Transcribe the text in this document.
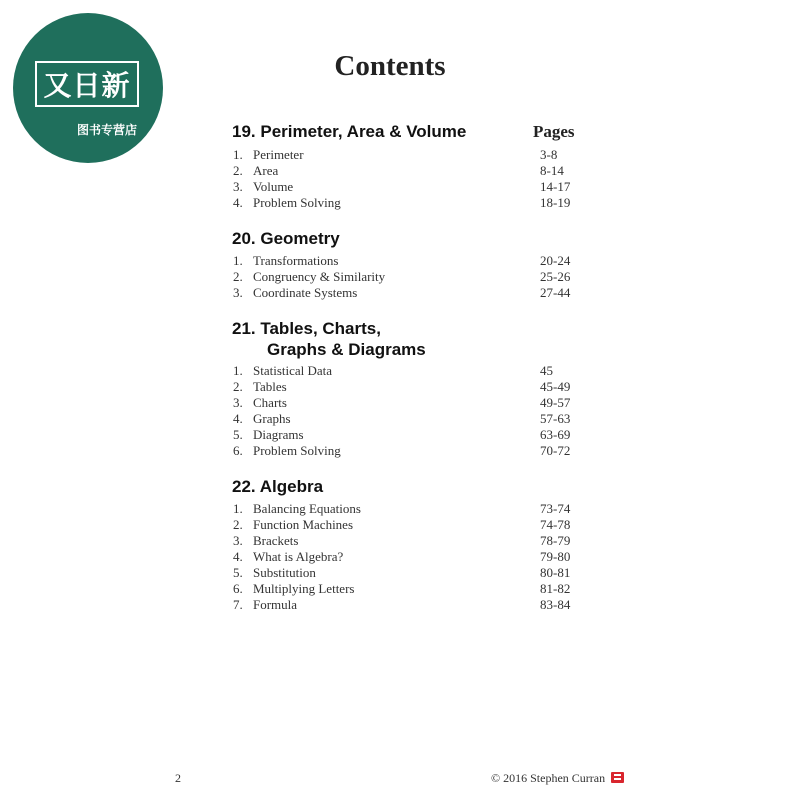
又日新
图书专营店
Contents
Pages
19. Perimeter, Area & Volume
1. Perimeter	3-8
2. Area	8-14
3. Volume	14-17
4. Problem Solving	18-19
20. Geometry
1. Transformations	20-24
2. Congruency & Similarity	25-26
3. Coordinate Systems	27-44
21. Tables, Charts,
Graphs & Diagrams
1. Statistical Data	45
2. Tables	45-49
3. Charts	49-57
4. Graphs	57-63
5. Diagrams	63-69
6. Problem Solving	70-72
22. Algebra
1. Balancing Equations	73-74
2. Function Machines	74-78
3. Brackets	78-79
4. What is Algebra?	79-80
5. Substitution	80-81
6. Multiplying Letters	81-82
7. Formula	83-84
2	© 2016 Stephen Curran
